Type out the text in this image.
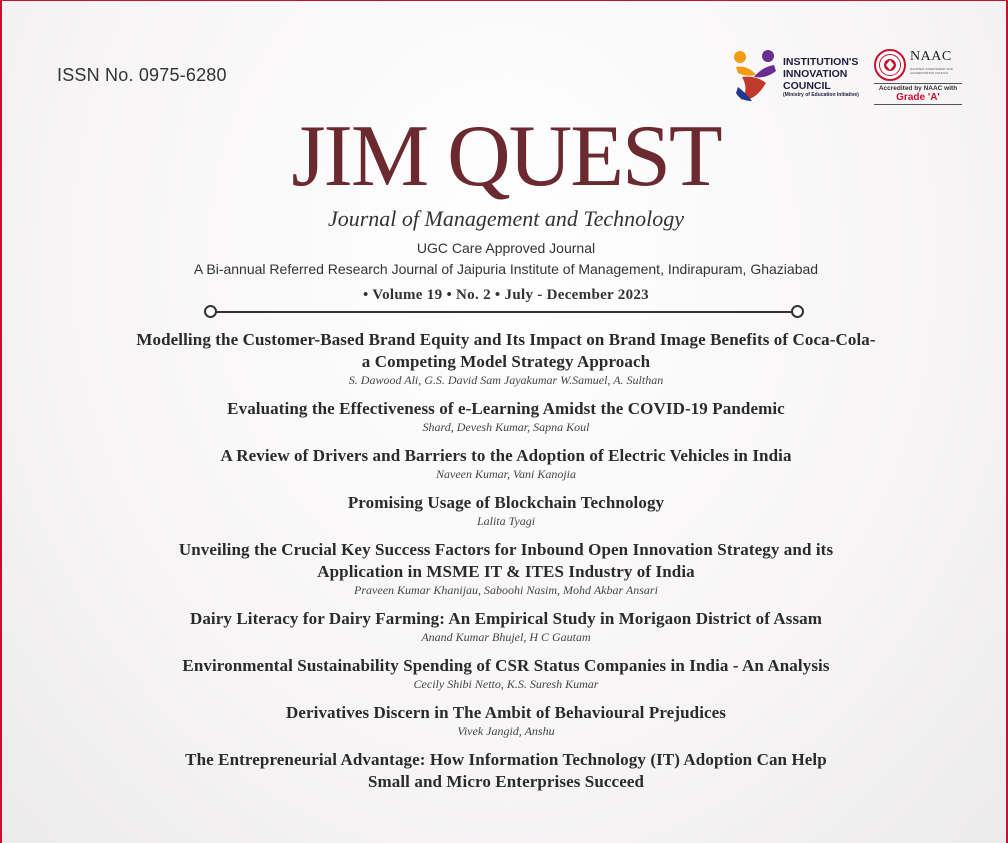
ISSN No. 0975-6280
INSTITUTION'S
INNOVATION
COUNCIL
(Ministry of Education Initiative)
NAAC
NATIONAL ASSESSMENT AND ACCREDITATION COUNCIL
Accredited by NAAC with
Grade 'A'
JIM QUEST
Journal of Management and Technology
UGC Care Approved Journal
A Bi-annual Referred Research Journal of Jaipuria Institute of Management, Indirapuram, Ghaziabad
• Volume 19 • No. 2 • July - December 2023
Modelling the Customer-Based Brand Equity and Its Impact on Brand Image Benefits of Coca-Cola-a Competing Model Strategy Approach
S. Dawood Ali, G.S. David Sam Jayakumar W.Samuel, A. Sulthan
Evaluating the Effectiveness of e-Learning Amidst the COVID-19 Pandemic
Shard, Devesh Kumar, Sapna Koul
A Review of Drivers and Barriers to the Adoption of Electric Vehicles in India
Naveen Kumar, Vani Kanojia
Promising Usage of Blockchain Technology
Lalita Tyagi
Unveiling the Crucial Key Success Factors for Inbound Open Innovation Strategy and its Application in MSME IT & ITES Industry of India
Praveen Kumar Khanijau, Saboohi Nasim, Mohd Akbar Ansari
Dairy Literacy for Dairy Farming: An Empirical Study in Morigaon District of Assam
Anand Kumar Bhujel, H C Gautam
Environmental Sustainability Spending of CSR Status Companies in India - An Analysis
Cecily Shibi Netto, K.S. Suresh Kumar
Derivatives Discern in The Ambit of Behavioural Prejudices
Vivek Jangid, Anshu
The Entrepreneurial Advantage: How Information Technology (IT) Adoption Can Help Small and Micro Enterprises Succeed
